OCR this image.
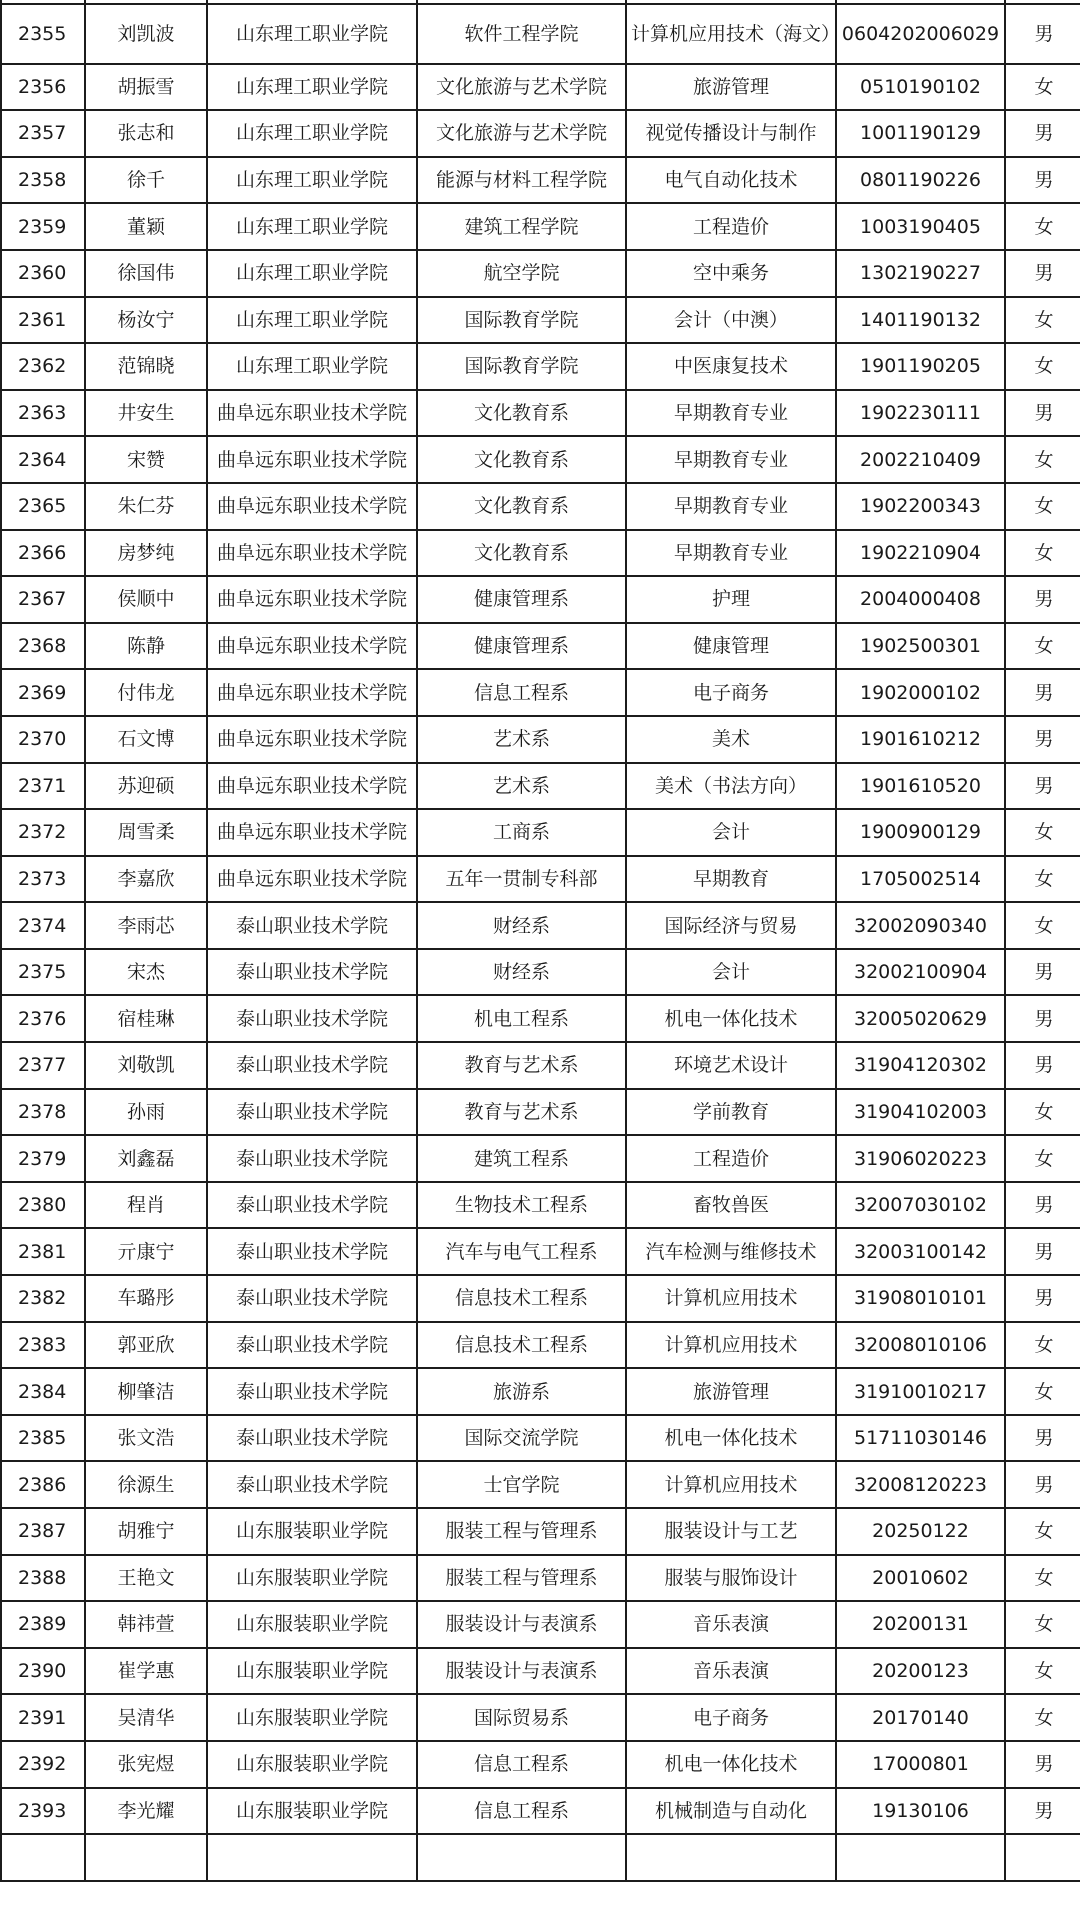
2355	刘凯波	山东理工职业学院	软件工程学院	计算机应用技术（海文）	0604202006029	男
2356	胡振雪	山东理工职业学院	文化旅游与艺术学院	旅游管理	0510190102	女
2357	张志和	山东理工职业学院	文化旅游与艺术学院	视觉传播设计与制作	1001190129	男
2358	徐千	山东理工职业学院	能源与材料工程学院	电气自动化技术	0801190226	男
2359	董颖	山东理工职业学院	建筑工程学院	工程造价	1003190405	女
2360	徐国伟	山东理工职业学院	航空学院	空中乘务	1302190227	男
2361	杨汝宁	山东理工职业学院	国际教育学院	会计（中澳）	1401190132	女
2362	范锦晓	山东理工职业学院	国际教育学院	中医康复技术	1901190205	女
2363	井安生	曲阜远东职业技术学院	文化教育系	早期教育专业	1902230111	男
2364	宋赞	曲阜远东职业技术学院	文化教育系	早期教育专业	2002210409	女
2365	朱仁芬	曲阜远东职业技术学院	文化教育系	早期教育专业	1902200343	女
2366	房梦纯	曲阜远东职业技术学院	文化教育系	早期教育专业	1902210904	女
2367	侯顺中	曲阜远东职业技术学院	健康管理系	护理	2004000408	男
2368	陈静	曲阜远东职业技术学院	健康管理系	健康管理	1902500301	女
2369	付伟龙	曲阜远东职业技术学院	信息工程系	电子商务	1902000102	男
2370	石文博	曲阜远东职业技术学院	艺术系	美术	1901610212	男
2371	苏迎硕	曲阜远东职业技术学院	艺术系	美术（书法方向）	1901610520	男
2372	周雪柔	曲阜远东职业技术学院	工商系	会计	1900900129	女
2373	李嘉欣	曲阜远东职业技术学院	五年一贯制专科部	早期教育	1705002514	女
2374	李雨芯	泰山职业技术学院	财经系	国际经济与贸易	32002090340	女
2375	宋杰	泰山职业技术学院	财经系	会计	32002100904	男
2376	宿桂琳	泰山职业技术学院	机电工程系	机电一体化技术	32005020629	男
2377	刘敬凯	泰山职业技术学院	教育与艺术系	环境艺术设计	31904120302	男
2378	孙雨	泰山职业技术学院	教育与艺术系	学前教育	31904102003	女
2379	刘鑫磊	泰山职业技术学院	建筑工程系	工程造价	31906020223	女
2380	程肖	泰山职业技术学院	生物技术工程系	畜牧兽医	32007030102	男
2381	亓康宁	泰山职业技术学院	汽车与电气工程系	汽车检测与维修技术	32003100142	男
2382	车璐彤	泰山职业技术学院	信息技术工程系	计算机应用技术	31908010101	男
2383	郭亚欣	泰山职业技术学院	信息技术工程系	计算机应用技术	32008010106	女
2384	柳肇洁	泰山职业技术学院	旅游系	旅游管理	31910010217	女
2385	张文浩	泰山职业技术学院	国际交流学院	机电一体化技术	51711030146	男
2386	徐源生	泰山职业技术学院	士官学院	计算机应用技术	32008120223	男
2387	胡雅宁	山东服装职业学院	服装工程与管理系	服装设计与工艺	20250122	女
2388	王艳文	山东服装职业学院	服装工程与管理系	服装与服饰设计	20010602	女
2389	韩祎萱	山东服装职业学院	服装设计与表演系	音乐表演	20200131	女
2390	崔学惠	山东服装职业学院	服装设计与表演系	音乐表演	20200123	女
2391	吴清华	山东服装职业学院	国际贸易系	电子商务	20170140	女
2392	张宪煜	山东服装职业学院	信息工程系	机电一体化技术	17000801	男
2393	李光耀	山东服装职业学院	信息工程系	机械制造与自动化	19130106	男
